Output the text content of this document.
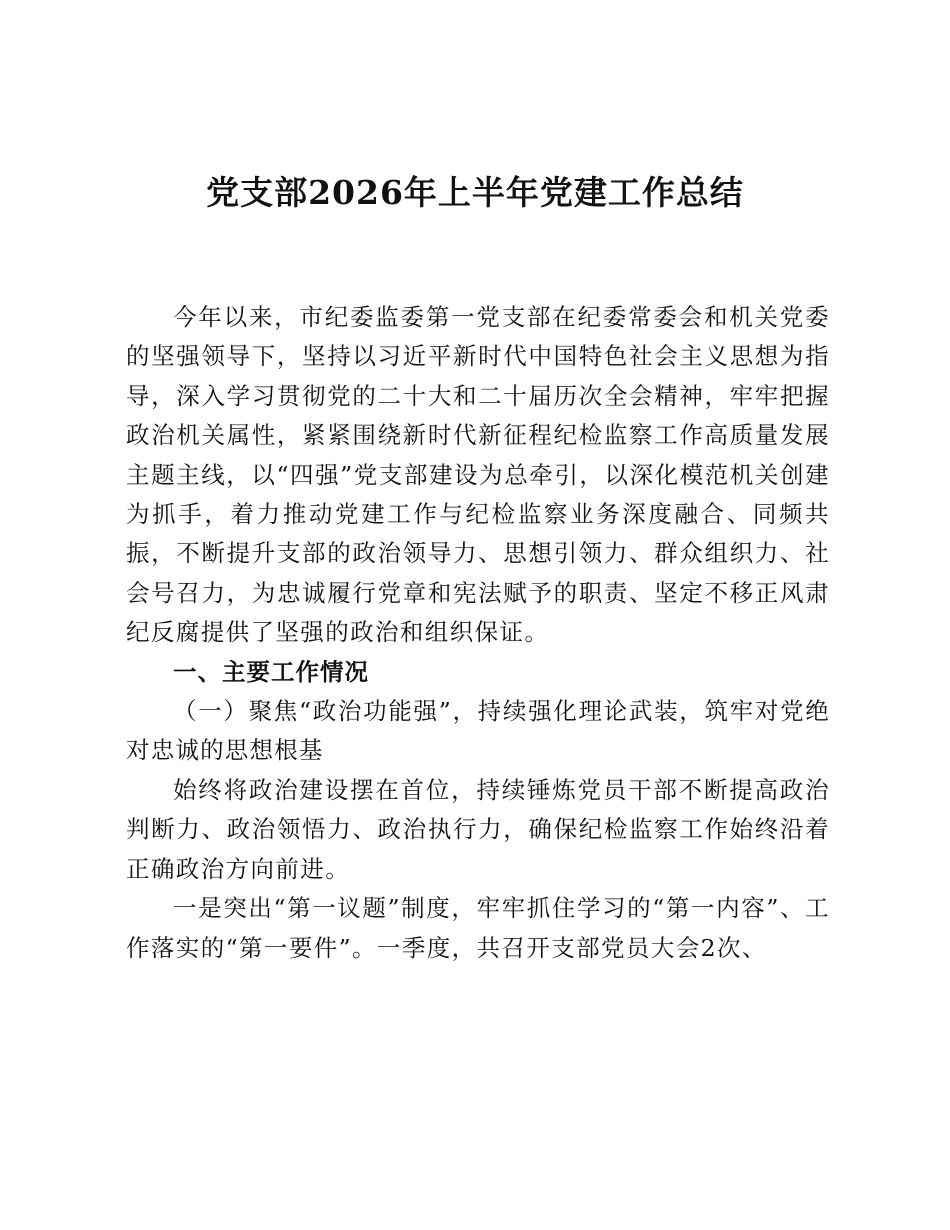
党支部2026年上半年党建工作总结

今年以来，市纪委监委第一党支部在纪委常委会和机关党委的坚强领导下，坚持以习近平新时代中国特色社会主义思想为指导，深入学习贯彻党的二十大和二十届历次全会精神，牢牢把握政治机关属性，紧紧围绕新时代新征程纪检监察工作高质量发展主题主线，以“四强”党支部建设为总牵引，以深化模范机关创建为抓手，着力推动党建工作与纪检监察业务深度融合、同频共振，不断提升支部的政治领导力、思想引领力、群众组织力、社会号召力，为忠诚履行党章和宪法赋予的职责、坚定不移正风肃纪反腐提供了坚强的政治和组织保证。

一、主要工作情况

（一）聚焦“政治功能强”，持续强化理论武装，筑牢对党绝对忠诚的思想根基

始终将政治建设摆在首位，持续锤炼党员干部不断提高政治判断力、政治领悟力、政治执行力，确保纪检监察工作始终沿着正确政治方向前进。

一是突出“第一议题”制度，牢牢抓住学习的“第一内容”、工作落实的“第一要件”。一季度，共召开支部党员大会2次、
